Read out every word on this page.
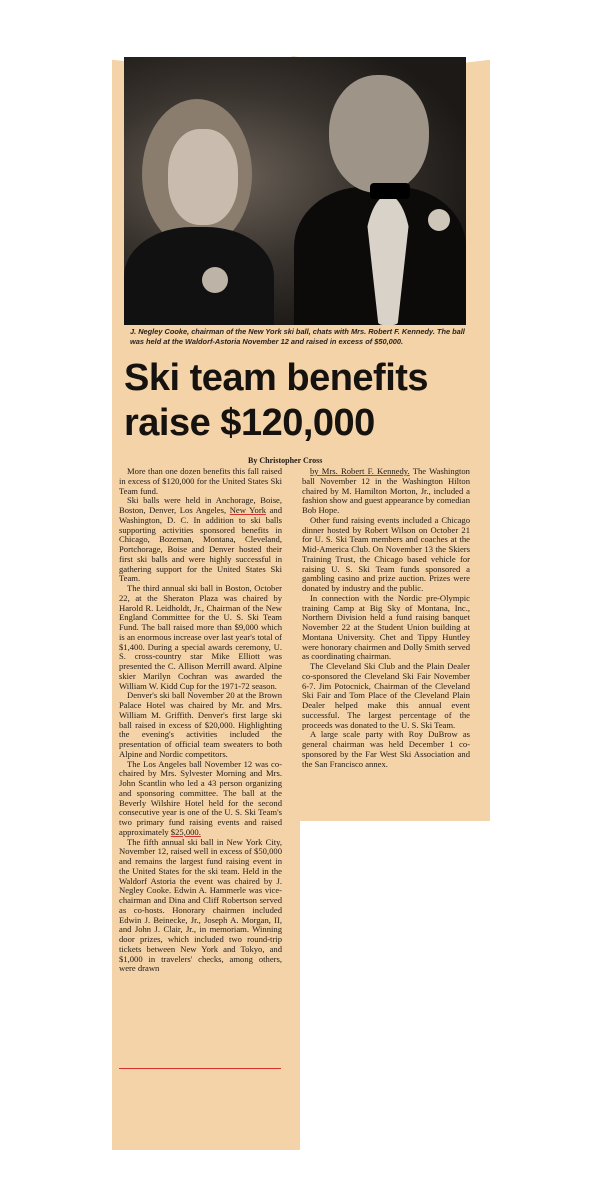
J. Negley Cooke, chairman of the New York ski ball, chats with Mrs. Robert F. Kennedy. The ball was held at the Waldorf-Astoria November 12 and raised in excess of $50,000.

Ski team benefits
raise $120,000

By Christopher Cross

More than one dozen benefits this fall raised in excess of $120,000 for the United States Ski Team fund.

Ski balls were held in Anchorage, Boise, Boston, Denver, Los Angeles, New York and Washington, D. C. In addition to ski balls supporting activities sponsored benefits in Chicago, Bozeman, Montana, Cleveland, Portchorage, Boise and Denver hosted their first ski balls and were highly successful in gathering support for the United States Ski Team.

The third annual ski ball in Boston, October 22, at the Sheraton Plaza was chaired by Harold R. Leidholdt, Jr., Chairman of the New England Committee for the U. S. Ski Team Fund. The ball raised more than $9,000 which is an enormous increase over last year's total of $1,400. During a special awards ceremony, U. S. cross-country star Mike Elliott was presented the C. Allison Merrill award. Alpine skier Marilyn Cochran was awarded the William W. Kidd Cup for the 1971-72 season.

Denver's ski ball November 20 at the Brown Palace Hotel was chaired by Mr. and Mrs. William M. Griffith. Denver's first large ski ball raised in excess of $20,000. Highlighting the evening's activities included the presentation of official team sweaters to both Alpine and Nordic competitors.

The Los Angeles ball November 12 was co-chaired by Mrs. Sylvester Morning and Mrs. John Scantlin who led a 43 person organizing and sponsoring committee. The ball at the Beverly Wilshire Hotel held for the second consecutive year is one of the U. S. Ski Team's two primary fund raising events and raised approximately $25,000.

The fifth annual ski ball in New York City, November 12, raised well in excess of $50,000 and remains the largest fund raising event in the United States for the ski team. Held in the Waldorf Astoria the event was chaired by J. Negley Cooke. Edwin A. Hammerle was vice-chairman and Dina and Cliff Robertson served as co-hosts. Honorary chairmen included Edwin J. Beinecke, Jr., Joseph A. Morgan, II, and John J. Clair, Jr., in memoriam. Winning door prizes, which included two round-trip tickets between New York and Tokyo, and $1,000 in travelers' checks, among others, were drawn

by Mrs. Robert F. Kennedy. The Washington ball November 12 in the Washington Hilton chaired by M. Hamilton Morton, Jr., included a fashion show and guest appearance by comedian Bob Hope.

Other fund raising events included a Chicago dinner hosted by Robert Wilson on October 21 for U. S. Ski Team members and coaches at the Mid-America Club. On November 13 the Skiers Training Trust, the Chicago based vehicle for raising U. S. Ski Team funds sponsored a gambling casino and prize auction. Prizes were donated by industry and the public.

In connection with the Nordic pre-Olympic training Camp at Big Sky of Montana, Inc., Northern Division held a fund raising banquet November 22 at the Student Union building at Montana University. Chet and Tippy Huntley were honorary chairmen and Dolly Smith served as coordinating chairman.

The Cleveland Ski Club and the Plain Dealer co-sponsored the Cleveland Ski Fair November 6-7. Jim Potocnick, Chairman of the Cleveland Ski Fair and Tom Place of the Cleveland Plain Dealer helped make this annual event successful. The largest percentage of the proceeds was donated to the U. S. Ski Team.

A large scale party with Roy DuBrow as general chairman was held December 1 co-sponsored by the Far West Ski Association and the San Francisco annex.
